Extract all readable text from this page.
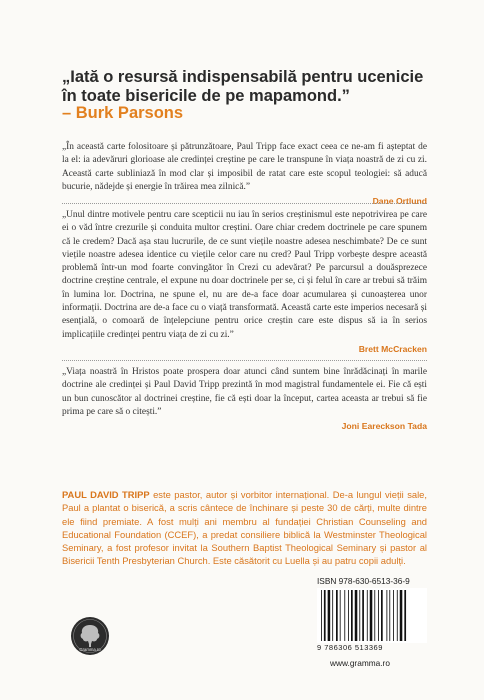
„Iată o resursă indispensabilă pentru ucenicie în toate bisericile de pe mapamond.”
– Burk Parsons

„În această carte folositoare și pătrunzătoare, Paul Tripp face exact ceea ce ne-am fi așteptat de la el: ia adevăruri glorioase ale credinței creștine pe care le transpune în viața noastră de zi cu zi. Această carte subliniază în mod clar și imposibil de ratat care este scopul teologiei: să aducă bucurie, nădejde și energie în trăirea mea zilnică.”

Dane Ortlund

„Unul dintre motivele pentru care scepticii nu iau în serios creștinismul este nepotrivirea pe care ei o văd între crezurile și conduita multor creștini. Oare chiar credem doctrinele pe care spunem că le credem? Dacă așa stau lucrurile, de ce sunt viețile noastre adesea neschimbate? De ce sunt viețile noastre adesea identice cu viețile celor care nu cred? Paul Tripp vorbește despre această problemă într-un mod foarte convingător în Crezi cu adevărat? Pe parcursul a douăsprezece doctrine creștine centrale, el expune nu doar doctrinele per se, ci și felul în care ar trebui să trăim în lumina lor. Doctrina, ne spune el, nu are de-a face doar acumularea și cunoașterea unor informații. Doctrina are de-a face cu o viață transformată. Această carte este imperios necesară și esențială, o comoară de înțelepciune pentru orice creștin care este dispus să ia în serios implicațiile credinței pentru viața de zi cu zi.”

Brett McCracken

„Viața noastră în Hristos poate prospera doar atunci când suntem bine înrădăcinați în marile doctrine ale credinței și Paul David Tripp prezintă în mod magistral fundamentele ei. Fie că ești un bun cunoscător al doctrinei creștine, fie că ești doar la început, cartea aceasta ar trebui să fie prima pe care să o citești.”

Joni Eareckson Tada
PAUL DAVID TRIPP este pastor, autor și vorbitor internațional. De-a lungul vieții sale, Paul a plantat o biserică, a scris cântece de închinare și peste 30 de cărți, multe dintre ele fiind premiate. A fost mulți ani membru al fundației Christian Counseling and Educational Foundation (CCEF), a predat consiliere biblică la Westminster Theological Seminary, a fost profesor invitat la Southern Baptist Theological Seminary și pastor al Bisericii Tenth Presbyterian Church. Este căsătorit cu Luella și au patru copii adulți.
Gramma.ro
ISBN 978-630-6513-36-9
9 786306 513369
www.gramma.ro
